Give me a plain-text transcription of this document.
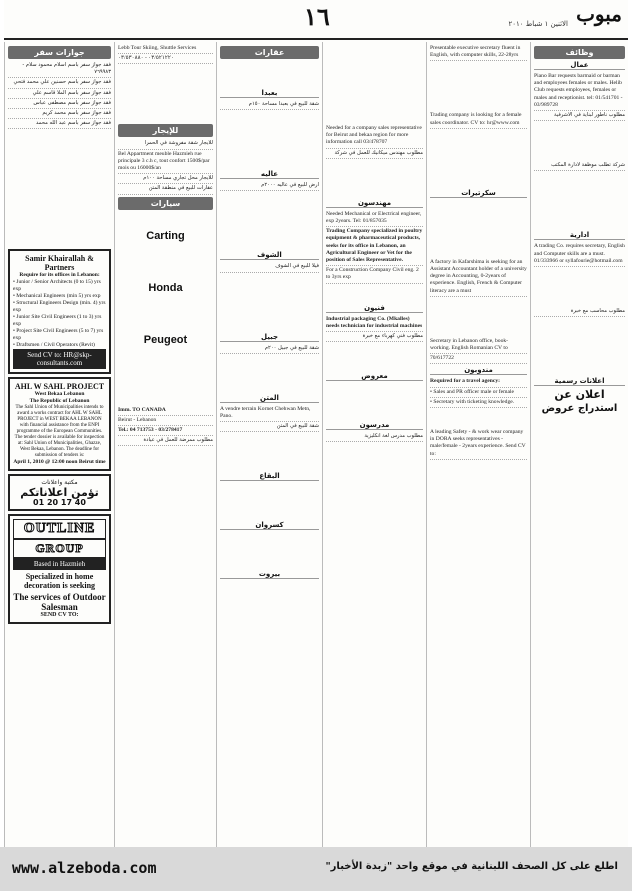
مبوب
الاثنين ١ شباط ٢٠١٠
١٦
جوازات سفر
فقد جواز سفر باسم اسلام محمود سلام - ٧٦٩٩٨٣
فقد جواز سفر باسم حسنين علي محمد فتحي
فقد جواز سفر باسم الملا قاسم علي
فقد جواز سفر باسم مصطفى عباس
فقد جواز سفر باسم محمد كريم
فقد جواز سفر باسم عبد الله محمد
Samir Khairallah & Partners

Require for its offices in Lebanon:

• Junior / Senior Architects (0 to 15) yrs exp

• Mechanical Engineers (min 5) yrs exp

• Structural Engineers Design (min. 4) yrs exp

• Junior Site Civil Engineers (1 to 3) yrs exp

• Project Site Civil Engineers (5 to 7) yrs exp

• Draftsmen / Civil Operators (Revit)

Send CV to: HR@skp-consultants.com
AHL W SAHL PROJECT

West Bekaa Lebanon

The Republic of Lebanon

The Sahl Union of Municipalities intends to award a works contract for AHL W SAHL PROJECT in WEST BEKAA LEBANON with financial assistance from the ENPI programme of the European Communities. The tender dossier is available for inspection at: Sahl Union of Municipalities, Ghazze, West Bekaa, Lebanon. The deadline for submission of tenders is:

April 1, 2010 @ 12:00 noon Beirut time

مكتبة واعلانات

تؤمن اعلاناتكم

01 20 17 40

OUTLINE
GROUP
Based in Hazmieh

Specialized in home decoration is seeking

The services of Outdoor Salesman

SEND CV TO:

Lebb Tour Skiing, Shuttle Services
٠٣/٥٢١٢٢٠ - ٠٣/٥٣٠٨٨٠
للإيجار
للايجار شقة مفروشة في الحمرا
Bel Appartment meuble Hazmieh rue principale 3 c.h c, tout confort 1500$/par mois ou 16000$/an
للايجار محل تجاري مساحة ١٠٠م
عقارات للبيع في منطقة المتن
سيارات
Carting
Honda
Peugeot
Imm. TO CANADA
Beirut - Lebanon
Tel.: 04 713753 - 03/278417
مطلوب ممرضة للعمل في عيادة
عقارات
بعبدا
شقة للبيع في بعبدا مساحة ١٥٠م
عاليه
ارض للبيع في عاليه ٢٠٠٠م
الشوف
فيلا للبيع في الشوف
جبيل
شقة للبيع في جبيل ٢٠٠م
المتن
A vendre terrain Kornet Chehwan Metn, Pano.
شقة للبيع في المتن
البقاع
كسروان
بيروت
Needed for a company sales representative for Beirut and bekaa region for more information call 03/478707
مطلوب مهندس ميكانيك للعمل في شركة
مهندسون
Needed Mechanical or Electrical engineer, exp 2years. Tel: 01/857035
Trading Company specialized in poultry equipment & pharmaceutical products, seeks for its office in Lebanon, an Agricultural Engineer or Vet for the position of Sales Representative.
For a Construction Company Civil eng. 2 to 3yrs exp
فنيون
Industrial packaging Co. (Mkalles) needs technician for industrial machines
مطلوب فني كهرباء مع خبرة
معروض
مدرسون
مطلوب مدرس لغة انكليزية
Presentable executive secretary fluent in English, with computer skills, 22-28yrs
Trading company is looking for a female sales coordinator. CV to: hr@www.com
سكرتيرات
A factory in Kafarshima is seeking for an Assistant Accountant holder of a university degree in Accounting, 0-2years of experience. English, French & Computer literacy are a must
Secretary in Lebanon office, book-working. English Romanian CV to
70/617722
مندوبون
Required for a travel agency:
• Sales and PR officer male or female
• Secretary with ticketing knowledge.
A leading Safety - & work wear company in DORA seeks representatives - male/female - 2years experience. Send CV to:
وظائف
عمال
Piano Bar requests barmaid or barman and employees females or males. Helib Club requests employees, females or males and receptionist. tel: 01/541701 - 03/989728
مطلوب ناطور لبناية في الاشرفية
شركة تطلب موظفة لادارة المكتب
ادارية
A trading Co. requires secretary, English and Computer skills are a must. 01/333966 or syllafourie@hotmail.com
مطلوب محاسب مع خبرة
اعلانات رسمية
اعلان عن
استدراج عروض
www.alzeboda.com	اطلع على كل الصحف اللبنانية في موقع واحد "زبدة الأخبار"
